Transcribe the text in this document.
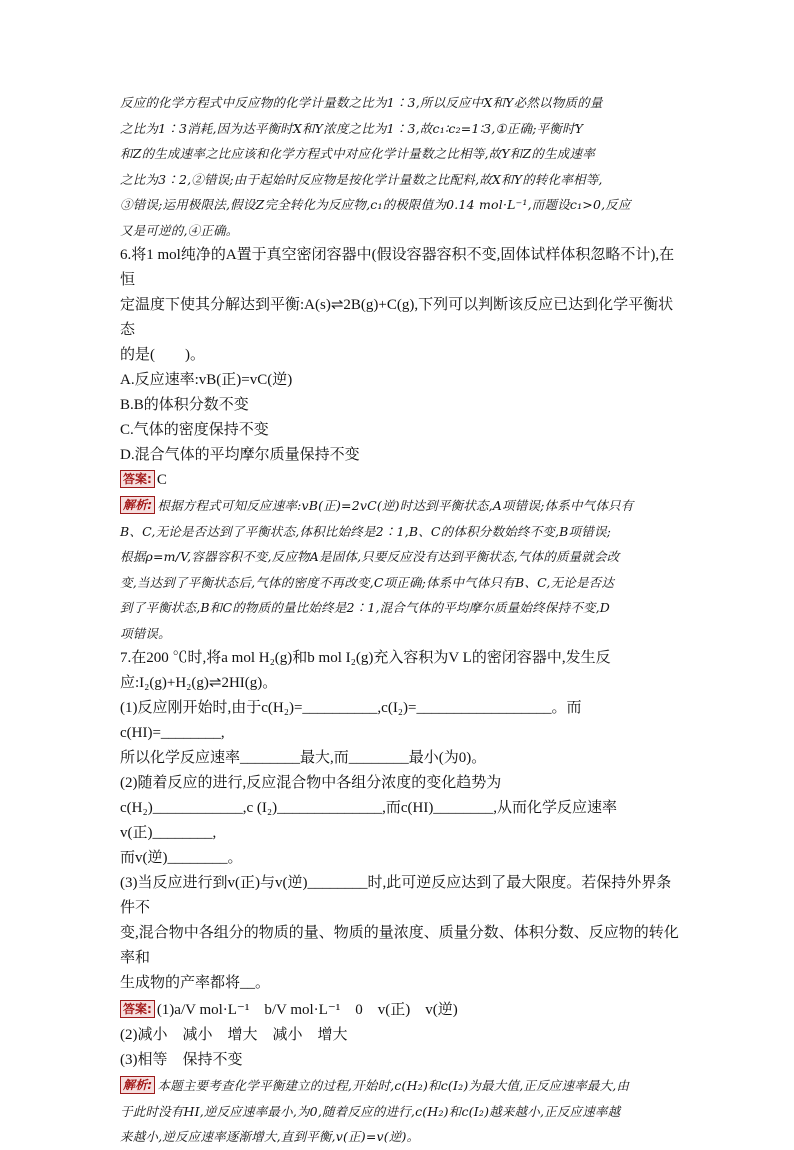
反应的化学方程式中反应物的化学计量数之比为1∶3,所以反应中X和Y必然以物质的量

之比为1∶3消耗,因为达平衡时X和Y浓度之比为1∶3,故c₁∶c₂=1∶3,①正确;平衡时Y

和Z的生成速率之比应该和化学方程式中对应化学计量数之比相等,故Y和Z的生成速率

之比为3∶2,②错误;由于起始时反应物是按化学计量数之比配料,故X和Y的转化率相等,

③错误;运用极限法,假设Z完全转化为反应物,c₁的极限值为0.14 mol·L⁻¹,而题设c₁>0,反应

又是可逆的,④正确。

6.将1 mol纯净的A置于真空密闭容器中(假设容器容积不变,固体试样体积忽略不计),在恒

定温度下使其分解达到平衡:A(s)⇌2B(g)+C(g),下列可以判断该反应已达到化学平衡状态

的是(　　)。

A.反应速率:vB(正)=vC(逆)

B.B的体积分数不变

C.气体的密度保持不变

D.混合气体的平均摩尔质量保持不变

答案: C

解析: 根据方程式可知反应速率:vB(正)=2vC(逆)时达到平衡状态,A项错误;体系中气体只有

B、C,无论是否达到了平衡状态,体积比始终是2∶1,B、C的体积分数始终不变,B项错误;

根据ρ=m/V,容器容积不变,反应物A是固体,只要反应没有达到平衡状态,气体的质量就会改

变,当达到了平衡状态后,气体的密度不再改变,C项正确;体系中气体只有B、C,无论是否达

到了平衡状态,B和C的物质的量比始终是2∶1,混合气体的平均摩尔质量始终保持不变,D

项错误。

7.在200 ℃时,将a mol H₂(g)和b mol I₂(g)充入容积为V L的密闭容器中,发生反

应:I₂(g)+H₂(g)⇌2HI(g)。

(1)反应刚开始时,由于c(H₂)=__________,c(I₂)=__________________。而c(HI)=________,

所以化学反应速率________最大,而________最小(为0)。

(2)随着反应的进行,反应混合物中各组分浓度的变化趋势为

c(H₂)____________,c (I₂)______________,而c(HI)________,从而化学反应速率v(正)________,

而v(逆)________。

(3)当反应进行到v(正)与v(逆)________时,此可逆反应达到了最大限度。若保持外界条件不

变,混合物中各组分的物质的量、物质的量浓度、质量分数、体积分数、反应物的转化率和

生成物的产率都将__。

答案: (1)a/V mol·L⁻¹　b/V mol·L⁻¹　0　v(正)　v(逆)

(2)减小　减小　增大　减小　增大

(3)相等　保持不变

解析: 本题主要考查化学平衡建立的过程,开始时,c(H₂)和c(I₂)为最大值,正反应速率最大,由

于此时没有HI,逆反应速率最小,为0,随着反应的进行,c(H₂)和c(I₂)越来越小,正反应速率越

来越小,逆反应速率逐渐增大,直到平衡,v(正)=v(逆)。
